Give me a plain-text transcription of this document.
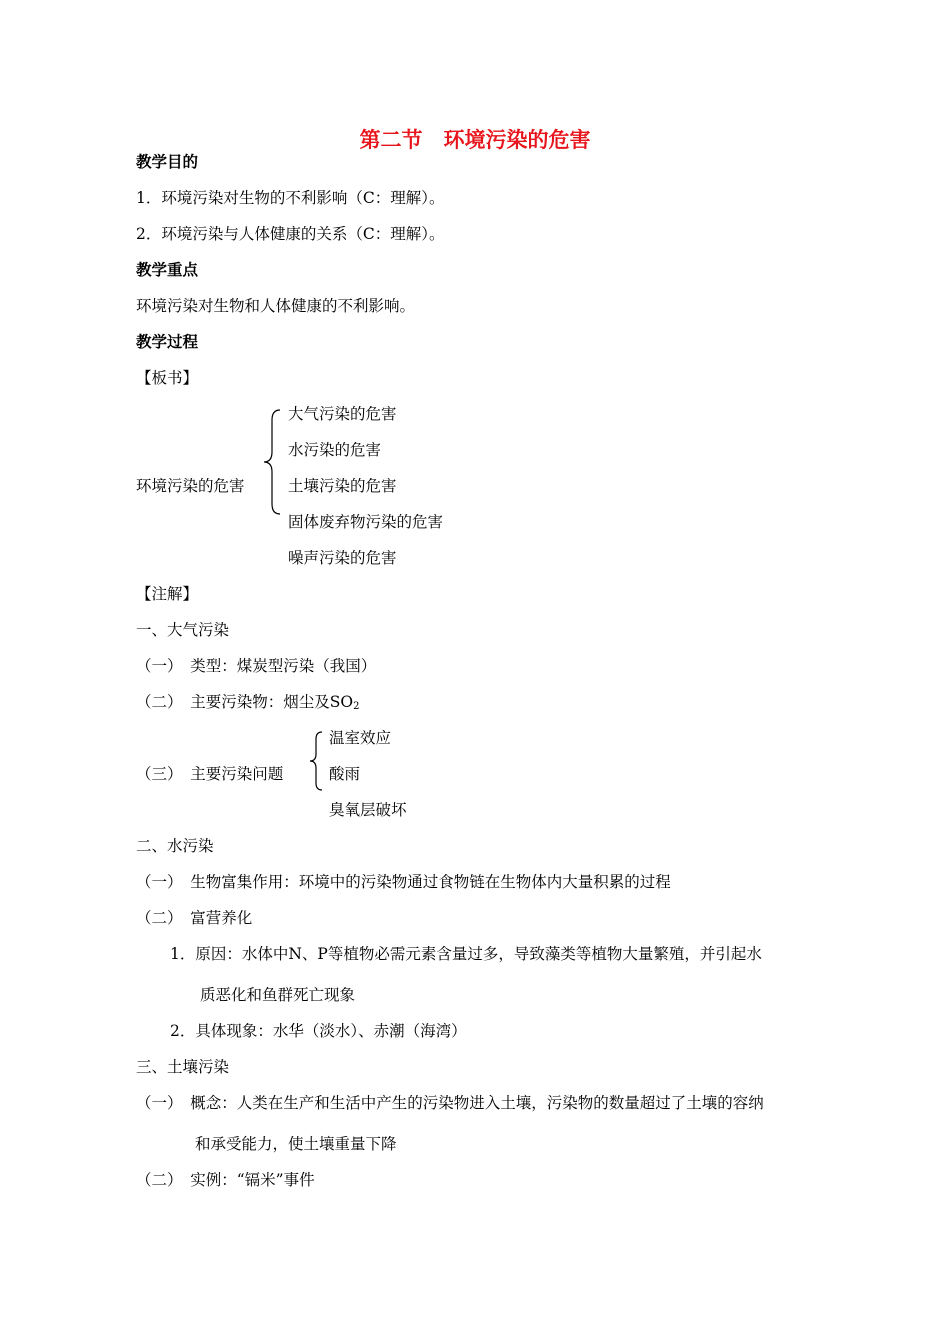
第二节　环境污染的危害
教学目的
1．环境污染对生物的不利影响（C：理解）。
2．环境污染与人体健康的关系（C：理解）。
教学重点
环境污染对生物和人体健康的不利影响。
教学过程
【板书】
环境污染的危害
大气污染的危害
水污染的危害
土壤污染的危害
固体废弃物污染的危害
噪声污染的危害
【注解】
一、大气污染
（一）　类型：煤炭型污染（我国）
（二）　主要污染物：烟尘及$SO_2$
（三）　主要污染问题
温室效应
酸雨
臭氧层破坏
二、水污染
（一）　生物富集作用：环境中的污染物通过食物链在生物体内大量积累的过程
（二）　富营养化
1．原因：水体中N、P等植物必需元素含量过多，导致藻类等植物大量繁殖，并引起水
质恶化和鱼群死亡现象
2．具体现象：水华（淡水）、赤潮（海湾）
三、土壤污染
（一）　概念：人类在生产和生活中产生的污染物进入土壤，污染物的数量超过了土壤的容纳
和承受能力，使土壤重量下降
（二）　实例：“镉米”事件
